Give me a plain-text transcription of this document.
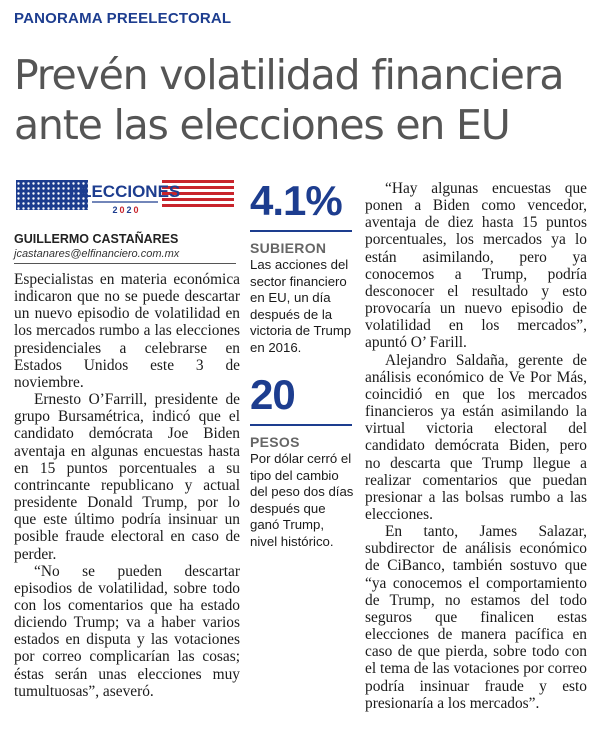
PANORAMA PREELECTORAL
Prevén volatilidad financiera ante las elecciones en EU
ELECCIONES
2 0 2 0
GUILLERMO CASTAÑARES
jcastanares@elfinanciero.com.mx

Especialistas en materia económica indicaron que no se puede descartar un nuevo episodio de volatilidad en los mercados rumbo a las elecciones presidenciales a celebrarse en Estados Unidos este 3 de noviembre.

Ernesto O’Farrill, presidente de grupo Bursamétrica, indicó que el candidato demócrata Joe Biden aventaja en algunas encuestas hasta en 15 puntos porcentuales a su contrincante republicano y actual presidente Donald Trump, por lo que este último podría insinuar un posible fraude electoral en caso de perder.

“No se pueden descartar episodios de volatilidad, sobre todo con los comentarios que ha estado diciendo Trump; va a haber varios estados en disputa y las votaciones por correo complicarían las cosas; éstas serán unas elecciones muy tumultuosas”, aseveró.

4.1%
SUBIERON
Las acciones del sector financiero en EU, un día después de la victoria de Trump en 2016.
20
PESOS
Por dólar cerró el tipo del cambio del peso dos días después que ganó Trump, nivel histórico.

“Hay algunas encuestas que ponen a Biden como vencedor, aventaja de diez hasta 15 puntos porcentuales, los mercados ya lo están asimilando, pero ya conocemos a Trump, podría desconocer el resultado y esto provocaría un nuevo episodio de volatilidad en los mercados”, apuntó O’ Farill.

Alejandro Saldaña, gerente de análisis económico de Ve Por Más, coincidió en que los mercados financieros ya están asimilando la virtual victoria electoral del candidato demócrata Biden, pero no descarta que Trump llegue a realizar comentarios que puedan presionar a las bolsas rumbo a las elecciones.

En tanto, James Salazar, subdirector de análisis económico de CiBanco, también sostuvo que “ya conocemos el comportamiento de Trump, no estamos del todo seguros que finalicen estas elecciones de manera pacífica en caso de que pierda, sobre todo con el tema de las votaciones por correo podría insinuar fraude y esto presionaría a los mercados”.
